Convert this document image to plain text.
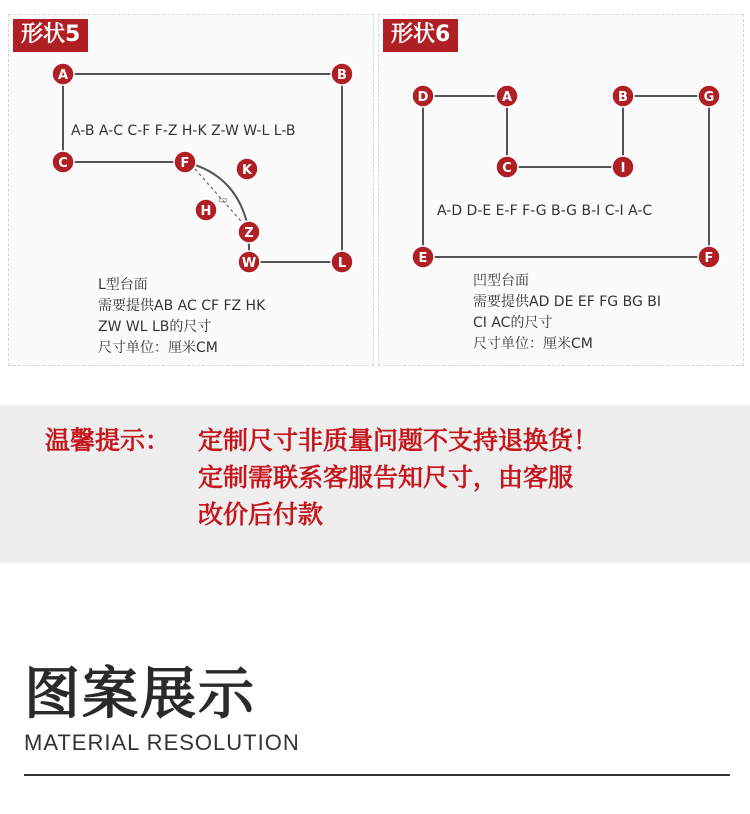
形状5
▭
A	B
C	F	K
H
Z
W	L
A-B A-C C-F F-Z H-K Z-W W-L L-B
L型台面
需要提供AB AC CF FZ HK
ZW WL LB的尺寸
尺寸单位：厘米CM
形状6
D	A	B	G
C	I
E	F
A-D D-E E-F F-G B-G B-I C-I A-C
凹型台面
需要提供AD DE EF FG BG BI
CI AC的尺寸
尺寸单位：厘米CM
温馨提示： 定制尺寸非质量问题不支持退换货！
定制需联系客服告知尺寸，由客服
改价后付款
图案展示
MATERIAL RESOLUTION
